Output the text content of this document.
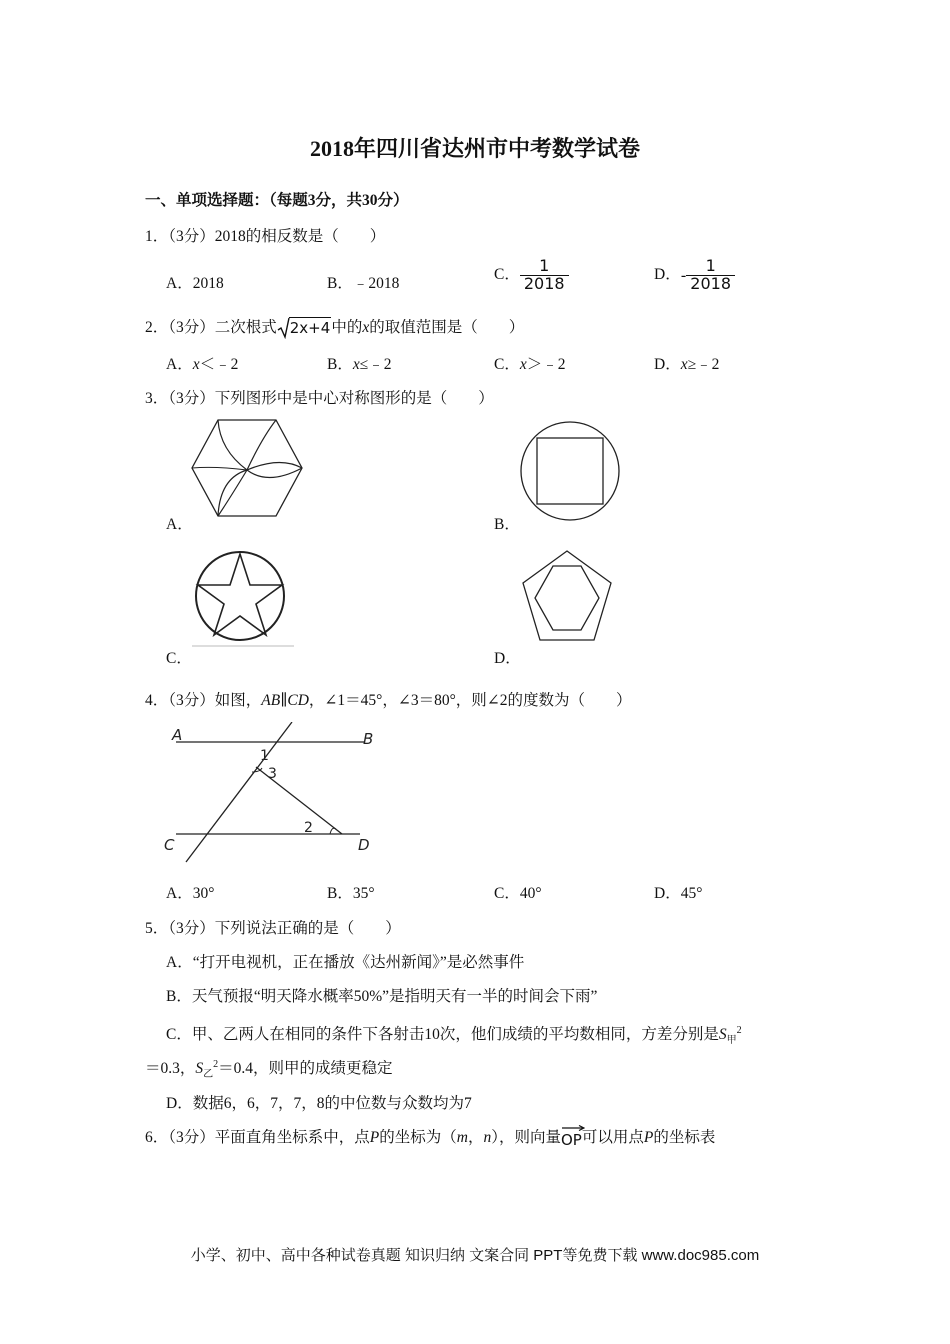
2018年四川省达州市中考数学试卷
一、单项选择题：（每题3分，共30分）
1．（3分）2018的相反数是（　　）
A．2018	B．﹣2018
C． $\frac{1}{2018}$	D．- $\frac{1}{2018}$
2．（3分）二次根式 2x+4中的x的取值范围是（　　）
A．x＜﹣2	B．x≤﹣2	C．x＞﹣2	D．x≥﹣2
3．（3分）下列图形中是中心对称图形的是（　　）
A．	B．
C．	D．
4．（3分）如图，AB∥CD，∠1＝45°，∠3＝80°，则∠2的度数为（　　）
A	B
C	D
1
3
2
A．30°	B．35°	C．40°	D．45°
5．（3分）下列说法正确的是（　　）
A．“打开电视机，正在播放《达州新闻》”是必然事件
B．天气预报“明天降水概率50%”是指明天有一半的时间会下雨”
C．甲、乙两人在相同的条件下各射击10次，他们成绩的平均数相同，方差分别是$S_甲^2$
＝0.3，$S_乙^2=0.4$，则甲的成绩更稳定
D．数据6，6，7，7，8的中位数与众数均为7
6．（3分）平面直角坐标系中，点P的坐标为（m，n），则向量
OP可以用点P的坐标表
小学、初中、高中各种试卷真题 知识归纳 文案合同 PPT等免费下载 www.doc985.com
